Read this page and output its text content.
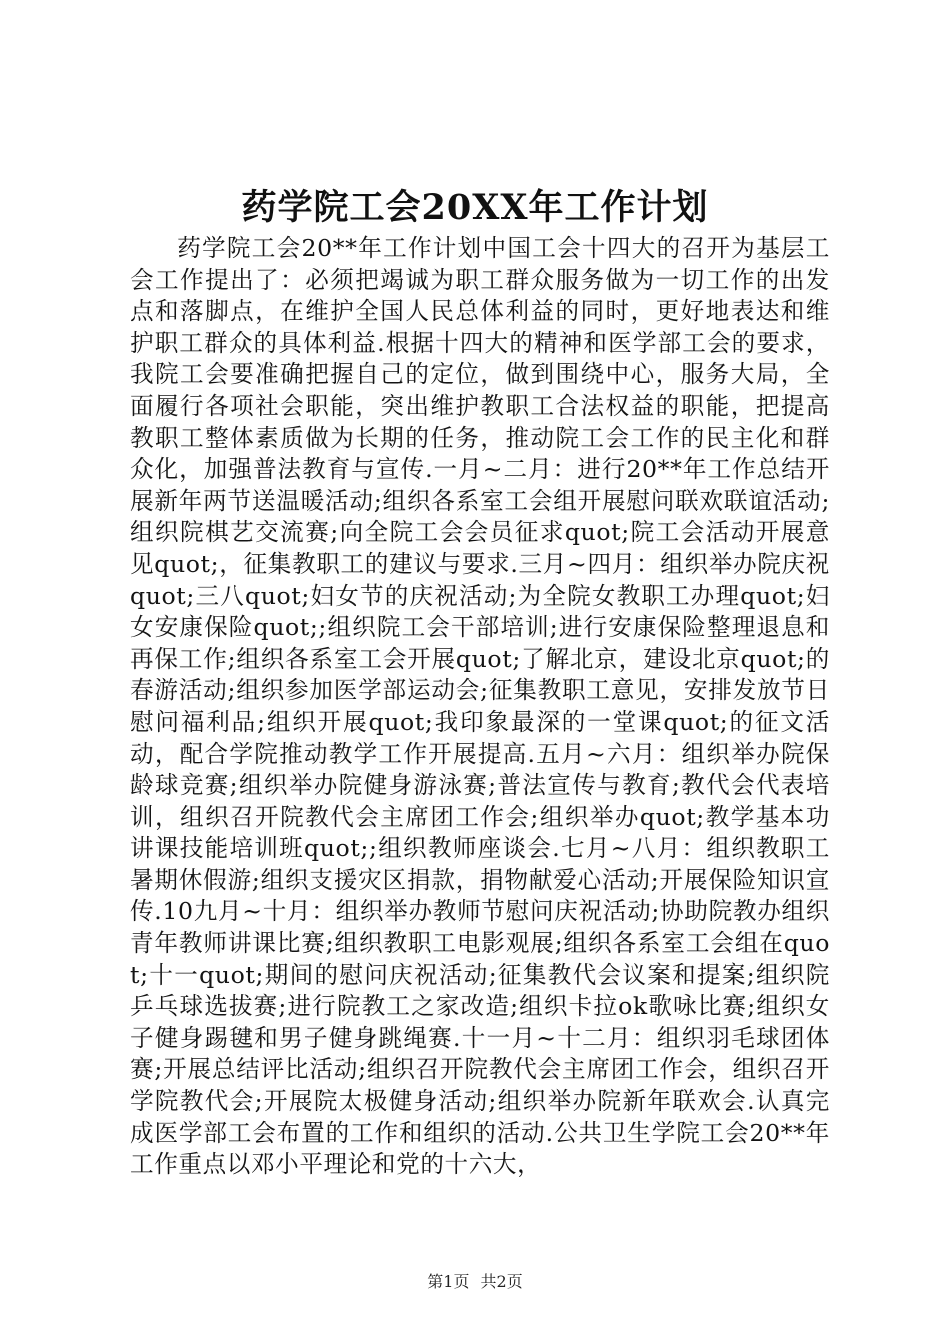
药学院工会20XX年工作计划

药学院工会20**年工作计划中国工会十四大的召开为基层工会工作提出了：必须把竭诚为职工群众服务做为一切工作的出发点和落脚点，在维护全国人民总体利益的同时，更好地表达和维护职工群众的具体利益.根据十四大的精神和医学部工会的要求，我院工会要准确把握自己的定位，做到围绕中心，服务大局，全面履行各项社会职能，突出维护教职工合法权益的职能，把提高教职工整体素质做为长期的任务，推动院工会工作的民主化和群众化，加强普法教育与宣传.一月~二月：进行20**年工作总结开展新年两节送温暖活动;组织各系室工会组开展慰问联欢联谊活动;组织院棋艺交流赛;向全院工会会员征求quot;院工会活动开展意见quot;，征集教职工的建议与要求.三月~四月：组织举办院庆祝quot;三八quot;妇女节的庆祝活动;为全院女教职工办理quot;妇女安康保险quot;;组织院工会干部培训;进行安康保险整理退息和再保工作;组织各系室工会开展quot;了解北京，建设北京quot;的春游活动;组织参加医学部运动会;征集教职工意见，安排发放节日慰问福利品;组织开展quot;我印象最深的一堂课quot;的征文活动，配合学院推动教学工作开展提高.五月~六月：组织举办院保龄球竞赛;组织举办院健身游泳赛;普法宣传与教育;教代会代表培训，组织召开院教代会主席团工作会;组织举办quot;教学基本功讲课技能培训班quot;;组织教师座谈会.七月~八月：组织教职工暑期休假游;组织支援灾区捐款，捐物献爱心活动;开展保险知识宣传.10九月~十月：组织举办教师节慰问庆祝活动;协助院教办组织青年教师讲课比赛;组织教职工电影观展;组织各系室工会组在quot;十一quot;期间的慰问庆祝活动;征集教代会议案和提案;组织院乒乓球选拔赛;进行院教工之家改造;组织卡拉ok歌咏比赛;组织女子健身踢毽和男子健身跳绳赛.十一月~十二月：组织羽毛球团体赛;开展总结评比活动;组织召开院教代会主席团工作会，组织召开学院教代会;开展院太极健身活动;组织举办院新年联欢会.认真完成医学部工会布置的工作和组织的活动.公共卫生学院工会20**年工作重点以邓小平理论和党的十六大，

第1页 共2页
